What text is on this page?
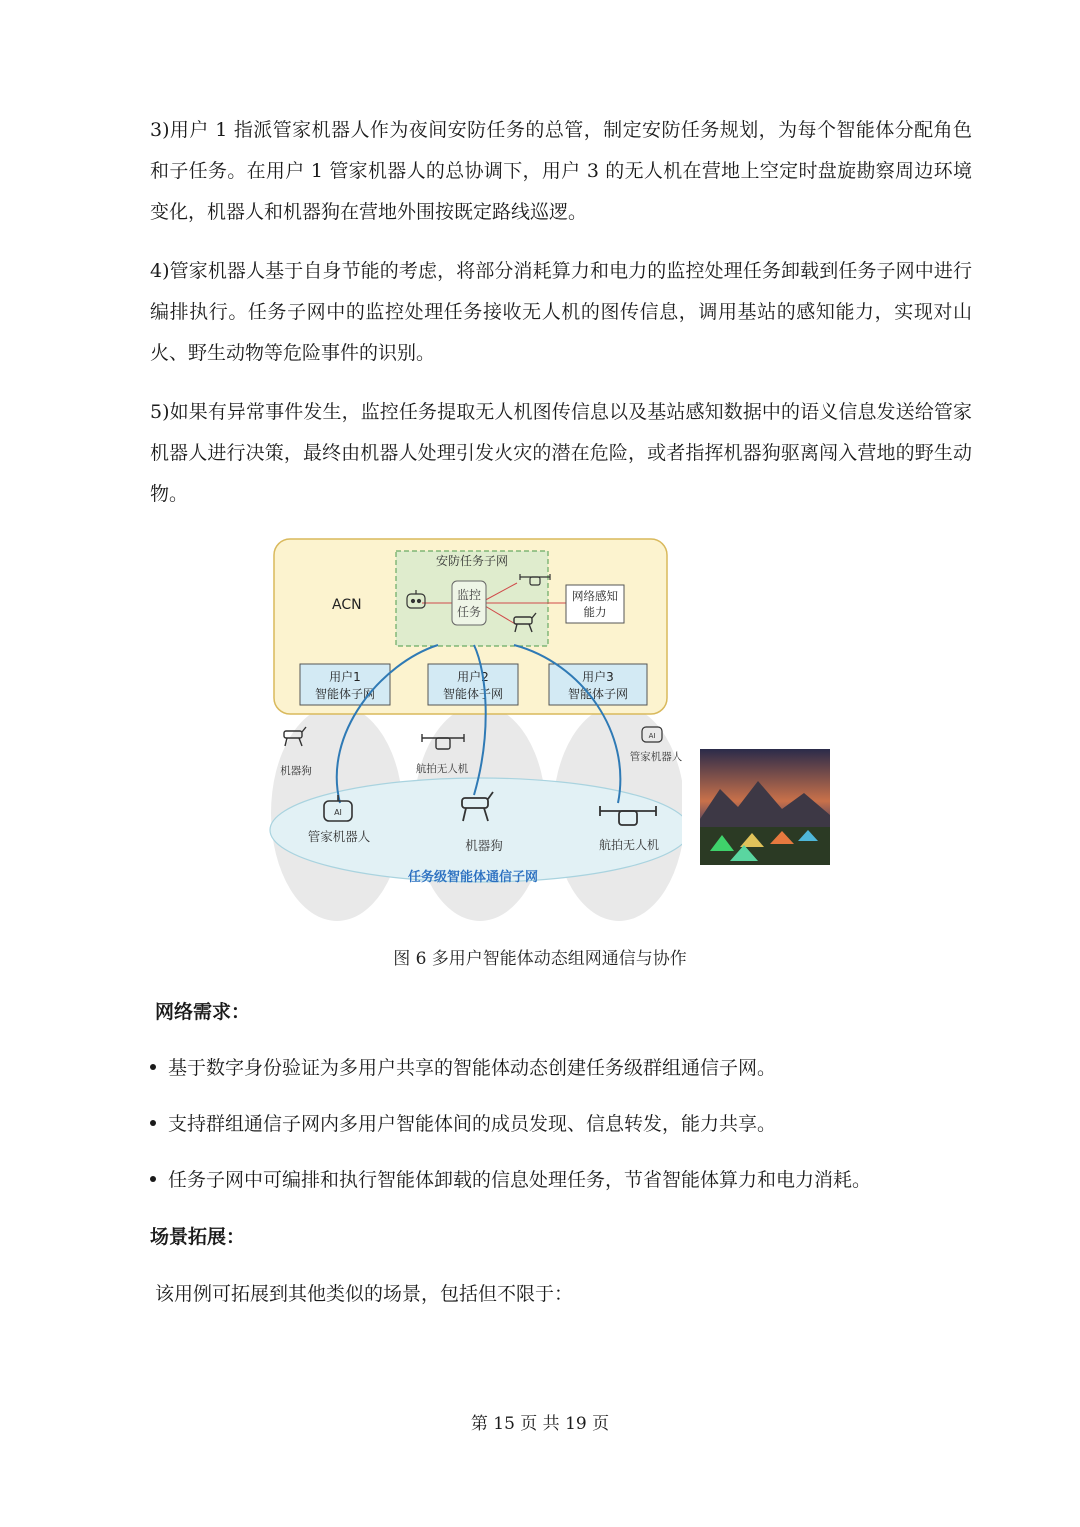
3)用户 1 指派管家机器人作为夜间安防任务的总管，制定安防任务规划，为每个智能体分配角色和子任务。在用户 1 管家机器人的总协调下，用户 3 的无人机在营地上空定时盘旋勘察周边环境变化，机器人和机器狗在营地外围按既定路线巡逻。

4)管家机器人基于自身节能的考虑，将部分消耗算力和电力的监控处理任务卸载到任务子网中进行编排执行。任务子网中的监控处理任务接收无人机的图传信息，调用基站的感知能力，实现对山火、野生动物等危险事件的识别。

5)如果有异常事件发生，监控任务提取无人机图传信息以及基站感知数据中的语义信息发送给管家机器人进行决策，最终由机器人处理引发火灾的潜在危险，或者指挥机器狗驱离闯入营地的野生动物。

ACN
安防任务子网
监控
任务
网络感知
能力
用户1
智能体子网
用户2
智能体子网
用户3
智能体子网
机器狗	航拍无人机
AI
管家机器人
AI
管家机器人
机器狗	航拍无人机
任务级智能体通信子网
图 6 多用户智能体动态组网通信与协作
网络需求：
基于数字身份验证为多用户共享的智能体动态创建任务级群组通信子网。
支持群组通信子网内多用户智能体间的成员发现、信息转发，能力共享。
任务子网中可编排和执行智能体卸载的信息处理任务，节省智能体算力和电力消耗。
场景拓展：
该用例可拓展到其他类似的场景，包括但不限于：
第 15 页 共 19 页
